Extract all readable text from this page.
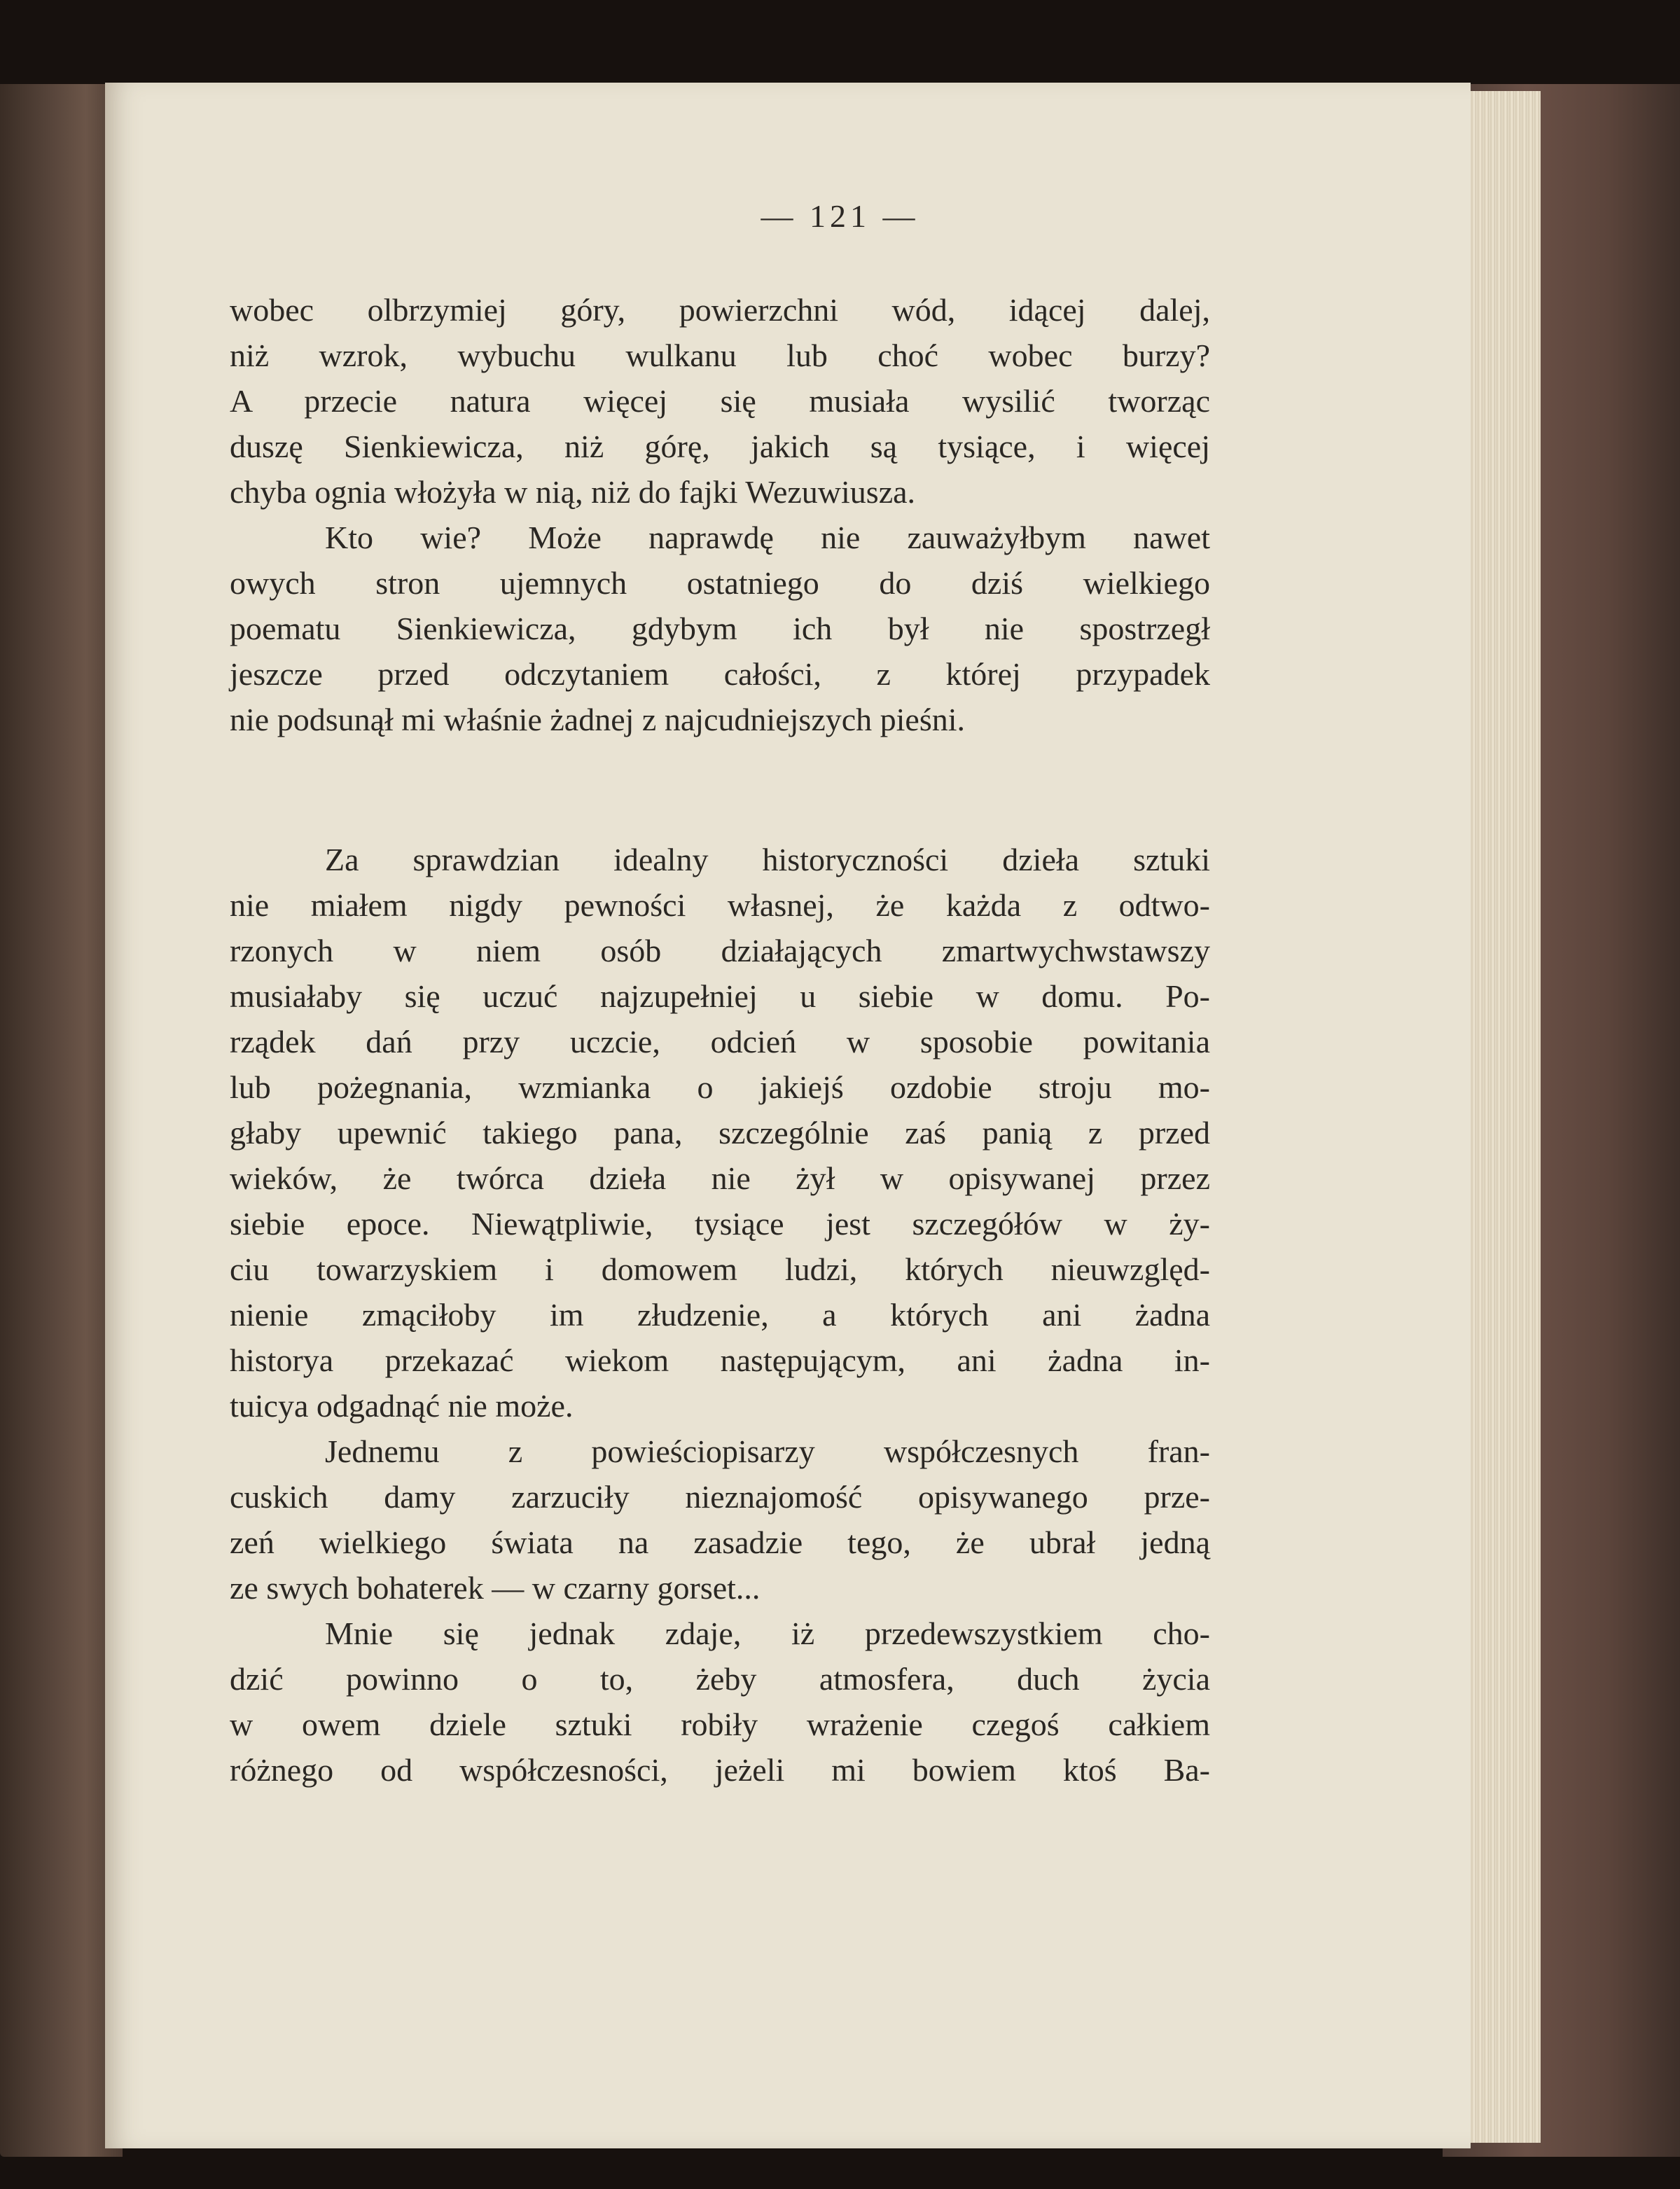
— 121 —
wobec olbrzymiej góry, powierzchni wód, idącej dalej,
niż wzrok, wybuchu wulkanu lub choć wobec burzy?
A przecie natura więcej się musiała wysilić tworząc
duszę Sienkiewicza, niż górę, jakich są tysiące, i więcej
chyba ognia włożyła w nią, niż do fajki Wezuwiusza.
Kto wie? Może naprawdę nie zauważyłbym nawet
owych stron ujemnych ostatniego do dziś wielkiego
poematu Sienkiewicza, gdybym ich był nie spostrzegł
jeszcze przed odczytaniem całości, z której przypadek
nie podsunął mi właśnie żadnej z najcudniejszych pieśni.
Za sprawdzian idealny historyczności dzieła sztuki
nie miałem nigdy pewności własnej, że każda z odtwo-
rzonych w niem osób działających zmartwychwstawszy
musiałaby się uczuć najzupełniej u siebie w domu. Po-
rządek dań przy uczcie, odcień w sposobie powitania
lub pożegnania, wzmianka o jakiejś ozdobie stroju mo-
głaby upewnić takiego pana, szczególnie zaś panią z przed
wieków, że twórca dzieła nie żył w opisywanej przez
siebie epoce. Niewątpliwie, tysiące jest szczegółów w ży-
ciu towarzyskiem i domowem ludzi, których nieuwzględ-
nienie zmąciłoby im złudzenie, a których ani żadna
historya przekazać wiekom następującym, ani żadna in-
tuicya odgadnąć nie może.
Jednemu z powieściopisarzy współczesnych fran-
cuskich damy zarzuciły nieznajomość opisywanego prze-
zeń wielkiego świata na zasadzie tego, że ubrał jedną
ze swych bohaterek — w czarny gorset...
Mnie się jednak zdaje, iż przedewszystkiem cho-
dzić powinno o to, żeby atmosfera, duch życia
w owem dziele sztuki robiły wrażenie czegoś całkiem
różnego od współczesności, jeżeli mi bowiem ktoś Ba-
